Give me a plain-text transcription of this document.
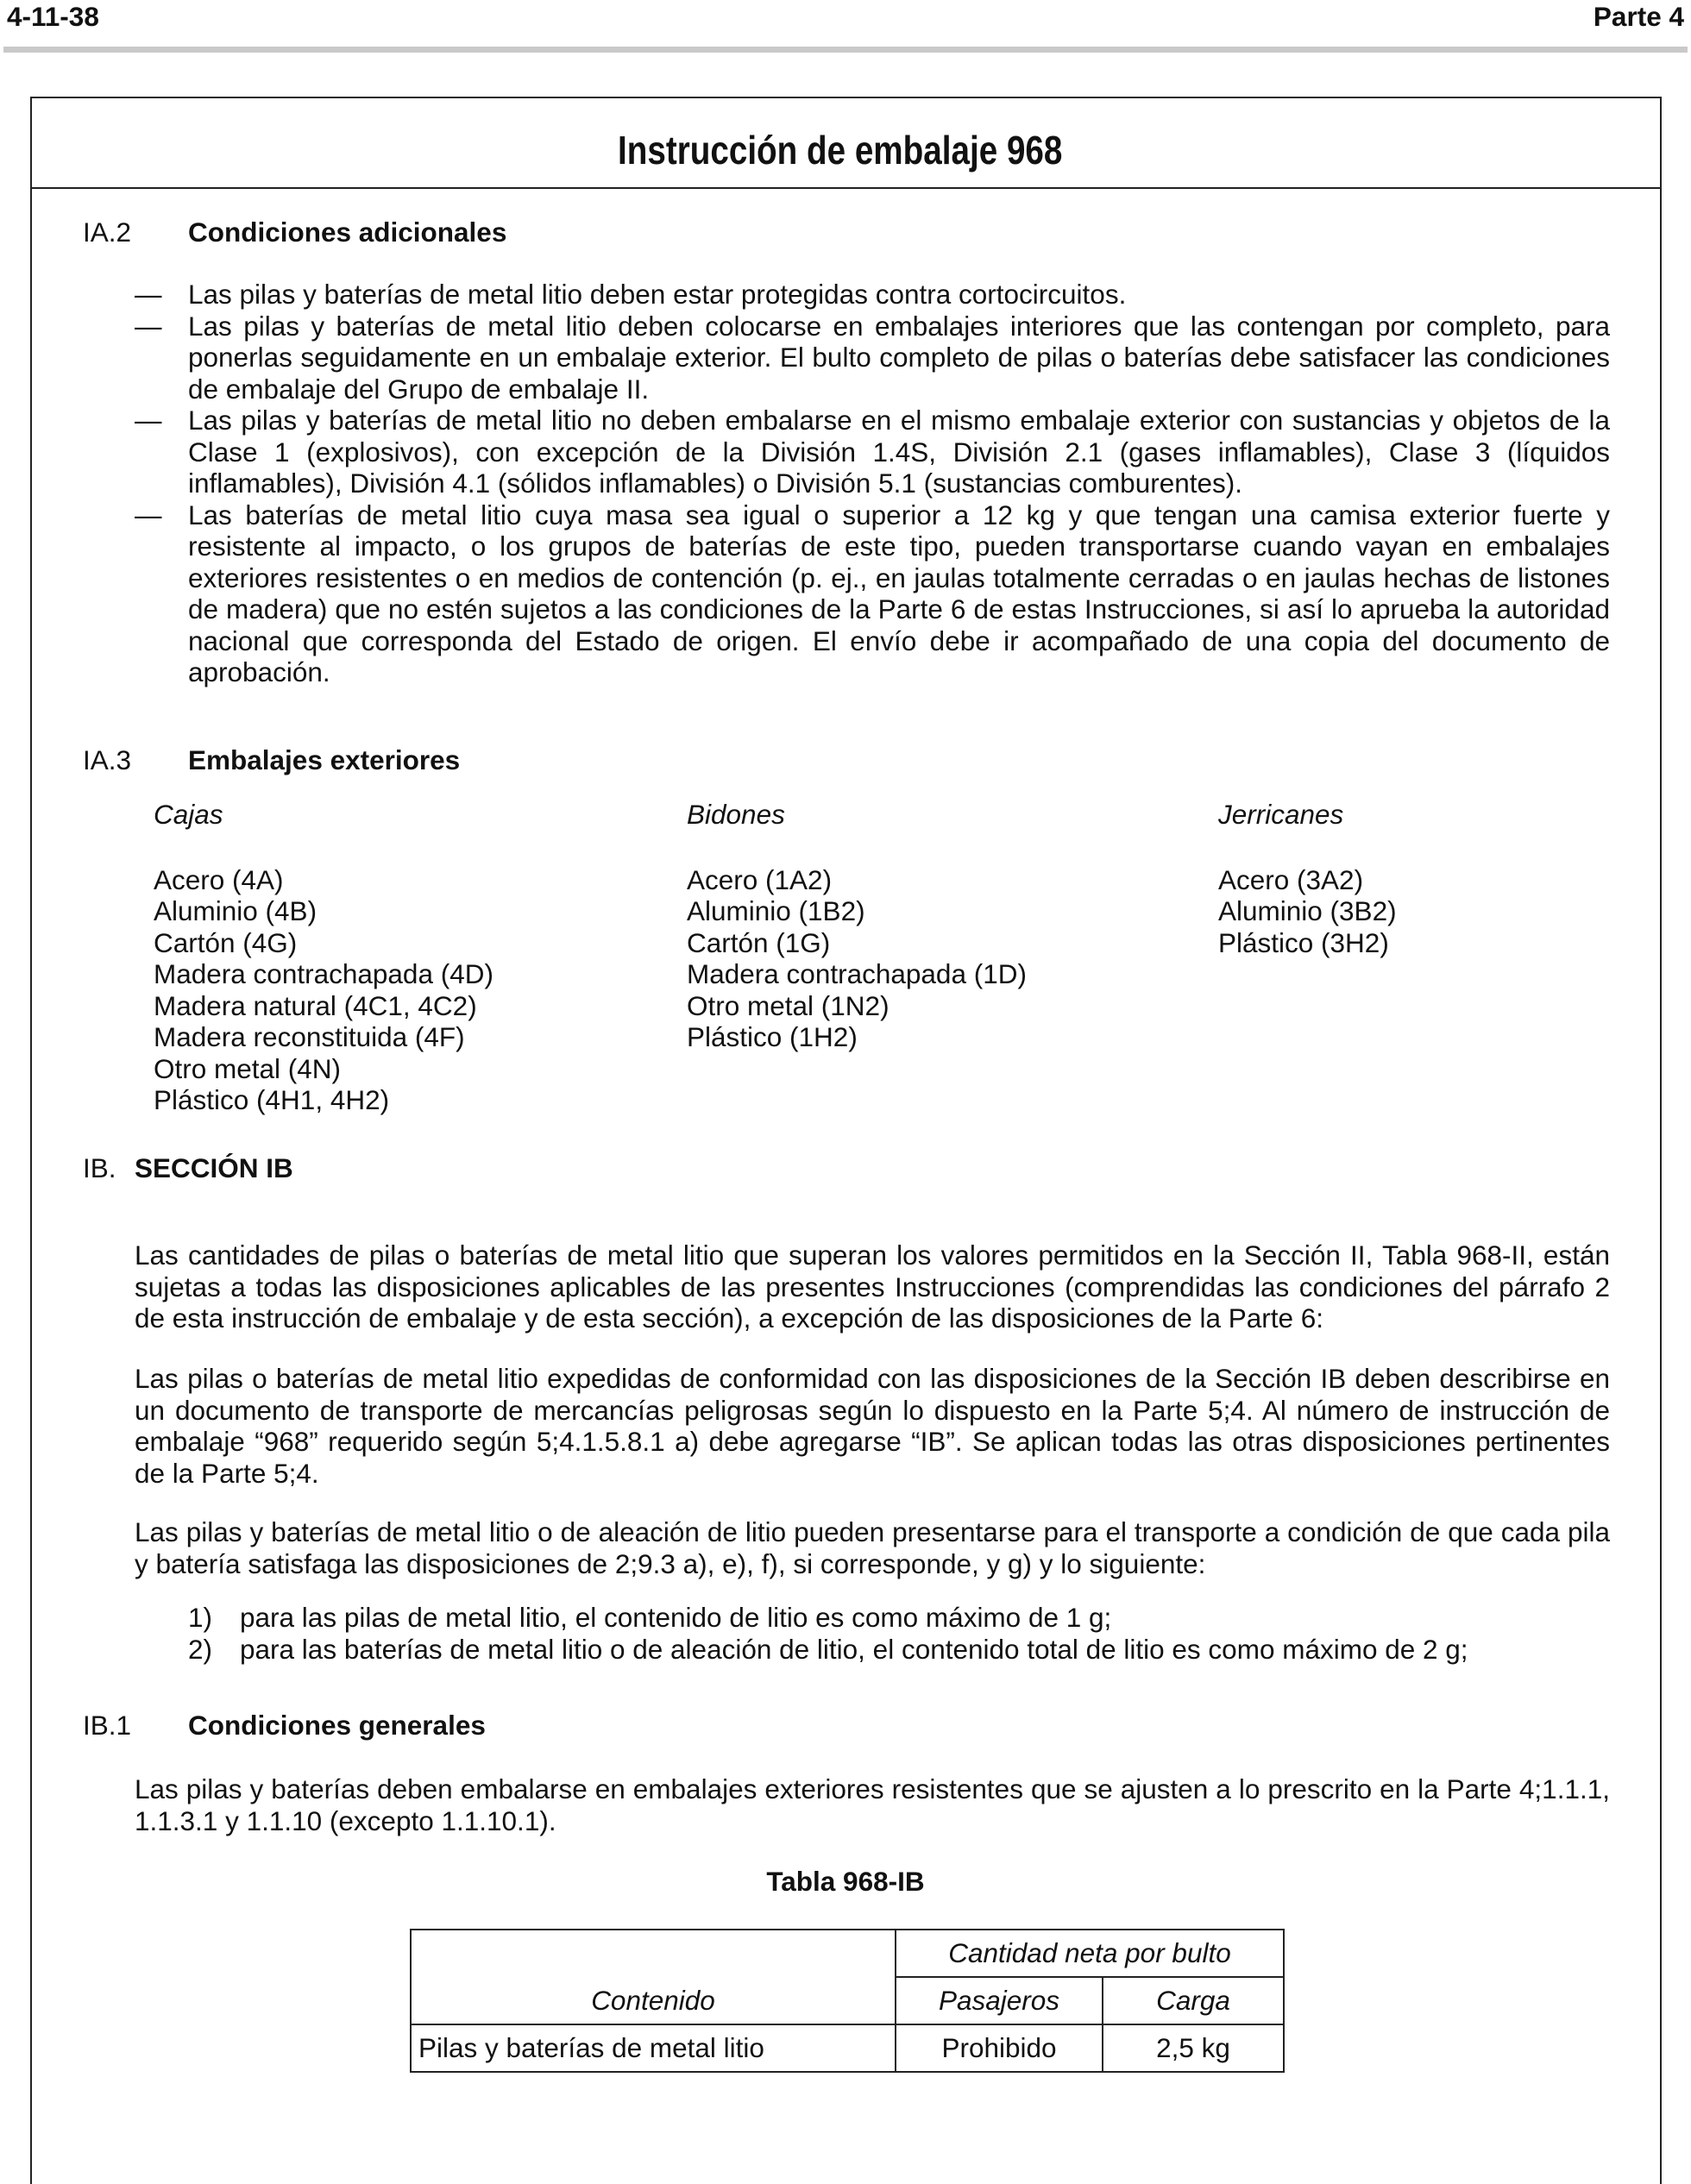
4-11-38	Parte 4
Instrucción de embalaje 968
IA.2 Condiciones adicionales
— Las pilas y baterías de metal litio deben estar protegidas contra cortocircuitos.
— Las pilas y baterías de metal litio deben colocarse en embalajes interiores que las contengan por completo, para ponerlas seguidamente en un embalaje exterior. El bulto completo de pilas o baterías debe satisfacer las condiciones de embalaje del Grupo de embalaje II.
— Las pilas y baterías de metal litio no deben embalarse en el mismo embalaje exterior con sustancias y objetos de la Clase 1 (explosivos), con excepción de la División 1.4S, División 2.1 (gases inflamables), Clase 3 (líquidos inflamables), División 4.1 (sólidos inflamables) o División 5.1 (sustancias comburentes).
— Las baterías de metal litio cuya masa sea igual o superior a 12 kg y que tengan una camisa exterior fuerte y resistente al impacto, o los grupos de baterías de este tipo, pueden transportarse cuando vayan en embalajes exteriores resistentes o en medios de contención (p. ej., en jaulas totalmente cerradas o en jaulas hechas de listones de madera) que no estén sujetos a las condiciones de la Parte 6 de estas Instrucciones, si así lo aprueba la autoridad nacional que corresponda del Estado de origen. El envío debe ir acompañado de una copia del documento de aprobación.
IA.3 Embalajes exteriores
Cajas
Acero (4A)
Aluminio (4B)
Cartón (4G)
Madera contrachapada (4D)
Madera natural (4C1, 4C2)
Madera reconstituida (4F)
Otro metal (4N)
Plástico (4H1, 4H2)
Bidones
Acero (1A2)
Aluminio (1B2)
Cartón (1G)
Madera contrachapada (1D)
Otro metal (1N2)
Plástico (1H2)
Jerricanes
Acero (3A2)
Aluminio (3B2)
Plástico (3H2)
IB. SECCIÓN IB
Las cantidades de pilas o baterías de metal litio que superan los valores permitidos en la Sección II, Tabla 968-II, están sujetas a todas las disposiciones aplicables de las presentes Instrucciones (comprendidas las condiciones del párrafo 2 de esta instrucción de embalaje y de esta sección), a excepción de las disposiciones de la Parte 6:
Las pilas o baterías de metal litio expedidas de conformidad con las disposiciones de la Sección IB deben describirse en un documento de transporte de mercancías peligrosas según lo dispuesto en la Parte 5;4. Al número de instrucción de embalaje “968” requerido según 5;4.1.5.8.1 a) debe agregarse “IB”. Se aplican todas las otras disposiciones pertinentes de la Parte 5;4.
Las pilas y baterías de metal litio o de aleación de litio pueden presentarse para el transporte a condición de que cada pila y batería satisfaga las disposiciones de 2;9.3 a), e), f), si corresponde, y g) y lo siguiente:
1) para las pilas de metal litio, el contenido de litio es como máximo de 1 g;
2) para las baterías de metal litio o de aleación de litio, el contenido total de litio es como máximo de 2 g;
IB.1 Condiciones generales
Las pilas y baterías deben embalarse en embalajes exteriores resistentes que se ajusten a lo prescrito en la Parte 4;1.1.1, 1.1.3.1 y 1.1.10 (excepto 1.1.10.1).
Tabla 968-IB
	Cantidad neta por bulto	
Contenido	Pasajeros	Carga
Pilas y baterías de metal litio	Prohibido	2,5 kg
